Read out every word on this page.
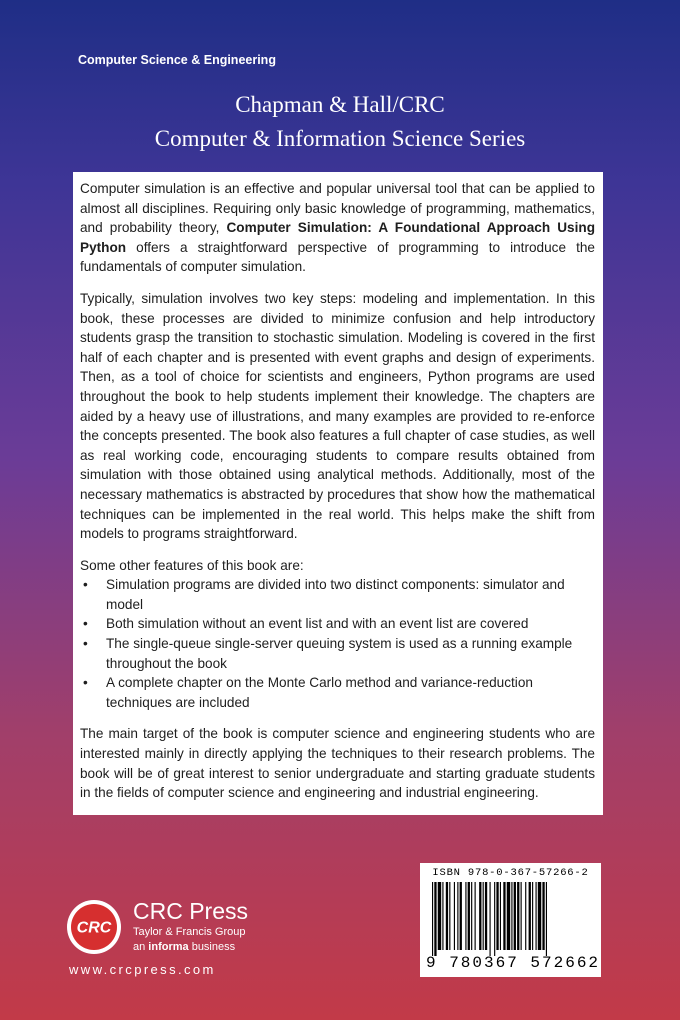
Computer Science & Engineering
Chapman & Hall/CRC
Computer & Information Science Series

Computer simulation is an effective and popular universal tool that can be applied to almost all disciplines. Requiring only basic knowledge of programming, mathematics, and probability theory, Computer Simulation: A Foundational Approach Using Python offers a straightforward perspective of programming to introduce the fundamentals of computer simulation.

Typically, simulation involves two key steps: modeling and implementation. In this book, these processes are divided to minimize confusion and help introductory students grasp the transition to stochastic simulation. Modeling is covered in the first half of each chapter and is presented with event graphs and design of experiments. Then, as a tool of choice for scientists and engineers, Python programs are used throughout the book to help students implement their knowledge. The chapters are aided by a heavy use of illustrations, and many examples are provided to re-enforce the concepts presented. The book also features a full chapter of case studies, as well as real working code, encouraging students to compare results obtained from simulation with those obtained using analytical methods. Additionally, most of the necessary mathematics is abstracted by procedures that show how the mathematical techniques can be implemented in the real world. This helps make the shift from models to programs straightforward.

Some other features of this book are:

• Simulation programs are divided into two distinct components: simulator and model
• Both simulation without an event list and with an event list are covered
• The single-queue single-server queuing system is used as a running example throughout the book
• A complete chapter on the Monte Carlo method and variance-reduction techniques are included

The main target of the book is computer science and engineering students who are interested mainly in directly applying the techniques to their research problems. The book will be of great interest to senior undergraduate and starting graduate students in the fields of computer science and engineering and industrial engineering.

CRC
CRC Press
Taylor & Francis Group
an informa business
www.crcpress.com
ISBN 978-0-367-57266-2
9 780367 572662
